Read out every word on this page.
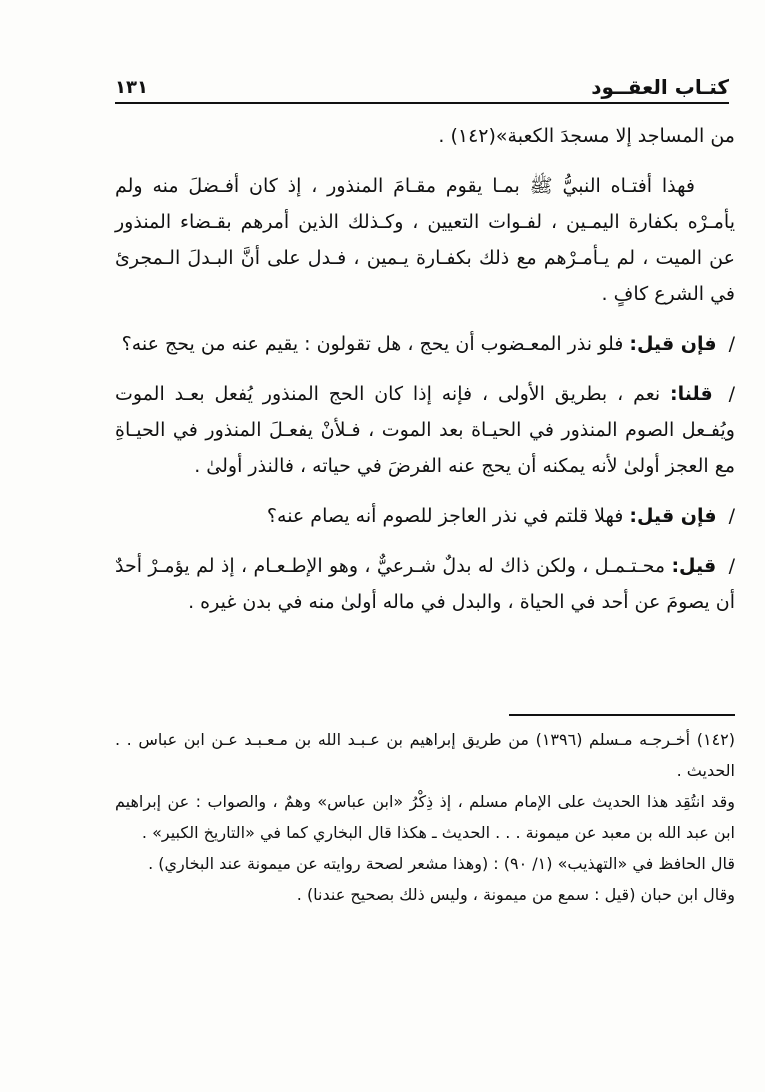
كتـاب العقــود
١٣١

من المساجد إلا مسجدَ الكعبة»(١٤٢) .

فهذا أفتـاه النبيُّ ﷺ بمـا يقوم مقـامَ المنذور ، إذ كان أفـضلَ منه ولم يأمـرْه بكفارة اليمـين ، لفـوات التعيين ، وكـذلك الذين أمرهم بقـضاء المنذور عن الميت ، لم يـأمـرْهم مع ذلك بكفـارة يـمين ، فـدل على أنَّ البـدلَ الـمجرئ في الشرع كافٍ .

/ فإن قيل: فلو نذر المعـضوب أن يحج ، هل تقولون : يقيم عنه من يحج عنه؟

/ قلنا: نعم ، بطريق الأولى ، فإنه إذا كان الحج المنذور يُفعل بعـد الموت ويُفـعل الصوم المنذور في الحيـاة بعد الموت ، فـلأنْ يفعـلَ المنذور في الحيـاةِ مع العجز أولىٰ لأنه يمكنه أن يحج عنه الفرضَ في حياته ، فالنذر أولىٰ .

/ فإن قيل: فهلا قلتم في نذر العاجز للصوم أنه يصام عنه؟

/ قيل: محـتـمـل ، ولكن ذاك له بدلٌ شـرعيٌّ ، وهو الإطـعـام ، إذ لم يؤمـرْ أحدٌ أن يصومَ عن أحد في الحياة ، والبدل في ماله أولىٰ منه في بدن غيره .

(١٤٢) أخـرجـه مـسلم (١٣٩٦) من طريق إبراهيم بن عـبـد الله بن مـعـبـد عـن ابن عباس . . الحديث .

وقد انتُقِد هذا الحديث على الإمام مسلم ، إذ ذِكْرُ «ابن عباس» وهمٌ ، والصواب : عن إبراهيم ابن عبد الله بن معبد عن ميمونة . . . الحديث ـ هكذا قال البخاري كما في «التاريخ الكبير» .

قال الحافظ في «التهذيب» (١/ ٩٠) : (وهذا مشعر لصحة روايته عن ميمونة عند البخاري) .

وقال ابن حبان (قيل : سمع من ميمونة ، وليس ذلك بصحيح عندنا) .
